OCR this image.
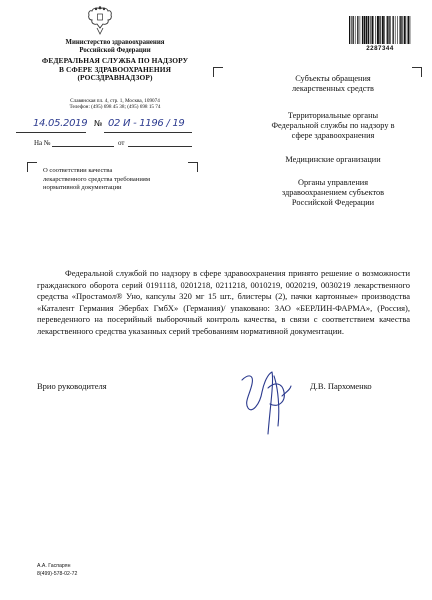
Министерство здравоохранения
Российской Федерации
ФЕДЕРАЛЬНАЯ СЛУЖБА ПО НАДЗОРУ
В СФЕРЕ ЗДРАВООХРАНЕНИЯ
(РОСЗДРАВНАДЗОР)
Славянская пл. 4, стр. 1, Москва, 109074
Телефон: (495) 698 45 38; (495) 698 15 74
14.05.2019 № 02 И - 1196 / 19
На №	от
О соответствии качества
лекарственного средства требованиям
нормативной документации
2287344
Субъекты обращения
лекарственных средств
Территориальные органы
Федеральной службы по надзору в
сфере здравоохранения
Медицинские организации
Органы управления
здравоохранением субъектов
Российской Федерации
Федеральной службой по надзору в сфере здравоохранения принято решение о возможности гражданского оборота серий 0191118, 0201218, 0211218, 0010219, 0020219, 0030219 лекарственного средства «Простамол® Уно, капсулы 320 мг 15 шт., блистеры (2), пачки картонные» производства «Каталент Германия Эбербах ГмбХ» (Германия)/ упаковано: ЗАО «БЕРЛИН-ФАРМА», (Россия), переведенного на посерийный выборочный контроль качества, в связи с соответствием качества лекарственного средства указанных серий требованиям нормативной документации.
Врио руководителя	Д.В. Пархоменко
А.А. Гаспарян
8(499)-578-02-72
